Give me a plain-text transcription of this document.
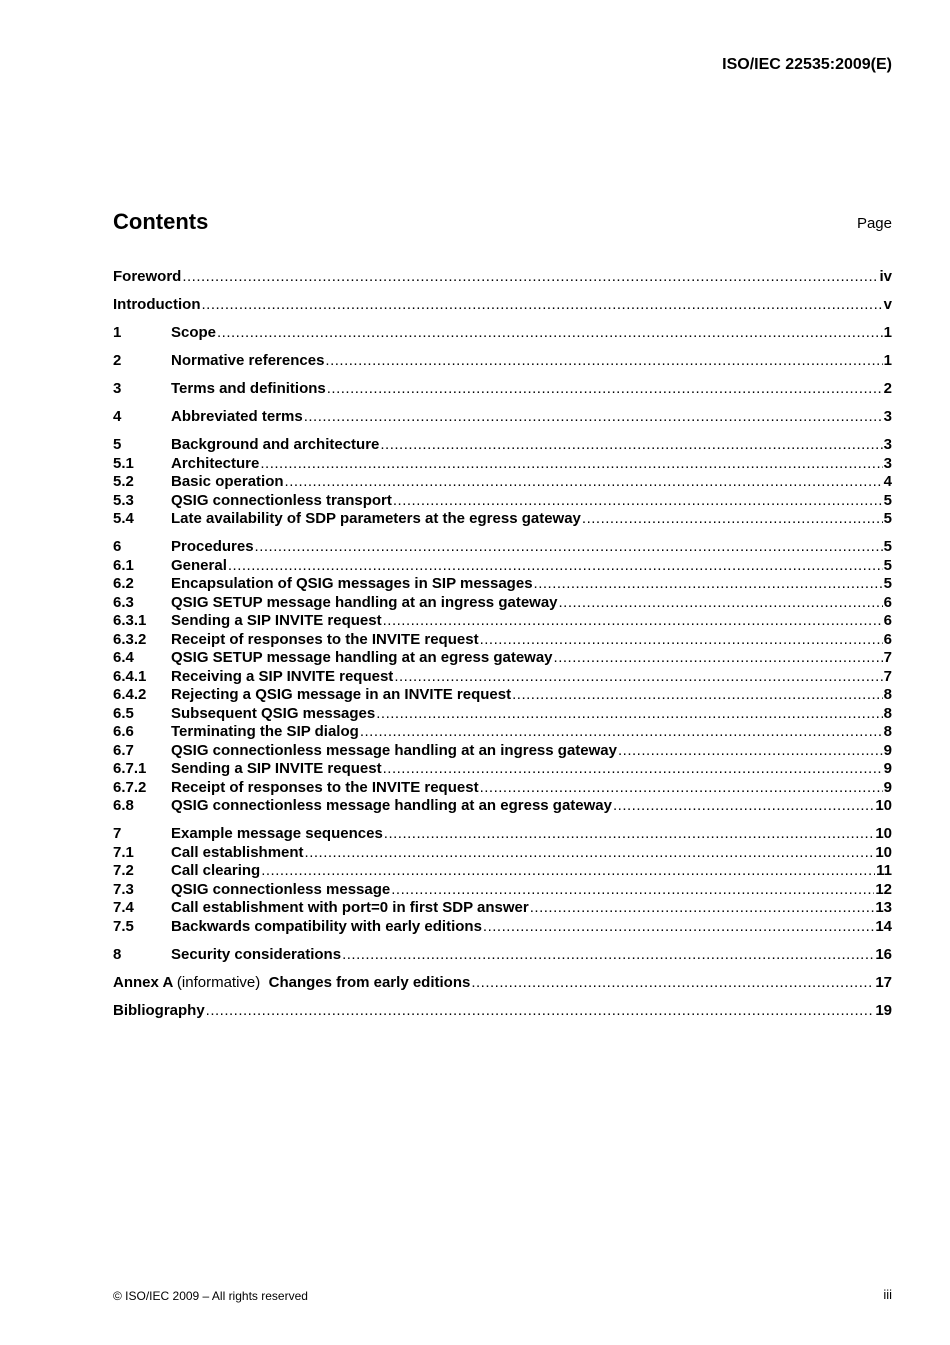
ISO/IEC 22535:2009(E)
Contents	Page
Foreword .....	iv
Introduction .....	v
1	Scope .....	1
2	Normative references .....	1
3	Terms and definitions .....	2
4	Abbreviated terms .....	3
5	Background and architecture .....	3
5.1	Architecture .....	3
5.2	Basic operation .....	4
5.3	QSIG connectionless transport .....	5
5.4	Late availability of SDP parameters at the egress gateway .....	5
6	Procedures .....	5
6.1	General .....	5
6.2	Encapsulation of QSIG messages in SIP messages .....	5
6.3	QSIG SETUP message handling at an ingress gateway .....	6
6.3.1	Sending a SIP INVITE request .....	6
6.3.2	Receipt of responses to the INVITE request .....	6
6.4	QSIG SETUP message handling at an egress gateway .....	7
6.4.1	Receiving a SIP INVITE request .....	7
6.4.2	Rejecting a QSIG message in an INVITE request .....	8
6.5	Subsequent QSIG messages .....	8
6.6	Terminating the SIP dialog .....	8
6.7	QSIG connectionless message handling at an ingress gateway .....	9
6.7.1	Sending a SIP INVITE request .....	9
6.7.2	Receipt of responses to the INVITE request .....	9
6.8	QSIG connectionless message handling at an egress gateway .....	10
7	Example message sequences .....	10
7.1	Call establishment .....	10
7.2	Call clearing .....	11
7.3	QSIG connectionless message .....	12
7.4	Call establishment with port=0 in first SDP answer .....	13
7.5	Backwards compatibility with early editions .....	14
8	Security considerations .....	16
Annex A (informative) Changes from early editions .....	17
Bibliography .....	19
© ISO/IEC 2009 – All rights reserved	iii
